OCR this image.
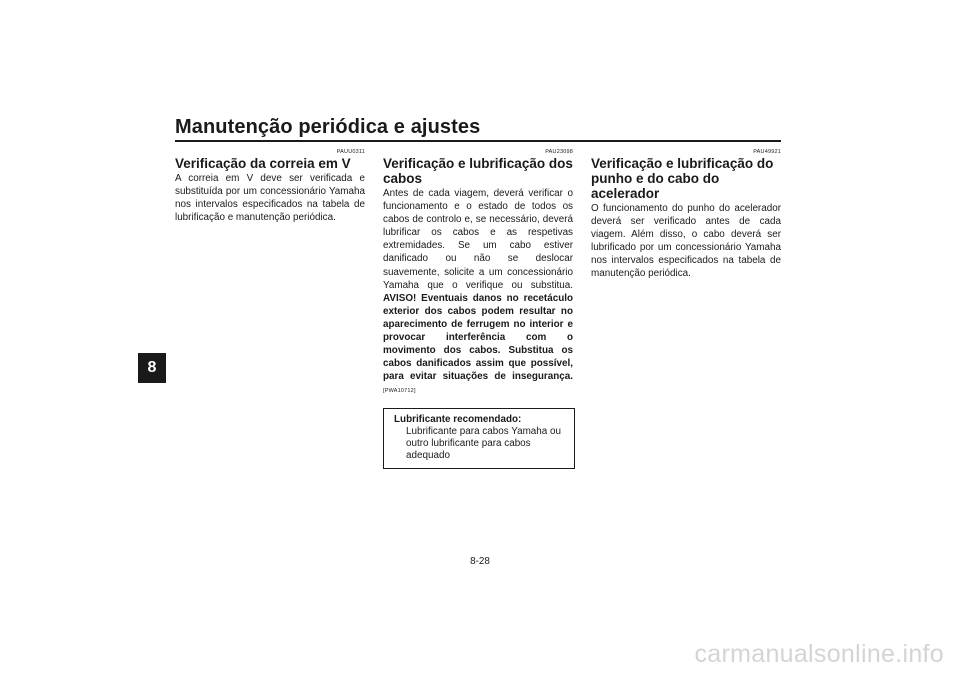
Manutenção periódica e ajustes
8
PAUU0311
Verificação da correia em V

A correia em V deve ser verificada e substituída por um concessionário Yamaha nos intervalos especificados na tabela de lubrificação e manutenção periódica.

PAU23098
Verificação e lubrificação dos cabos

Antes de cada viagem, deverá verificar o funcionamento e o estado de todos os cabos de controlo e, se necessário, deverá lubrificar os cabos e as respetivas extremidades. Se um cabo estiver danificado ou não se deslocar suavemente, solicite a um concessionário Yamaha que o verifique ou substitua. AVISO! Eventuais danos no recetáculo exterior dos cabos podem resultar no aparecimento de ferrugem no interior e provocar interferência com o movimento dos cabos. Substitua os cabos danificados assim que possível, para evitar situações de insegurança. [PWA10712]

Lubrificante recomendado:
Lubrificante para cabos Yamaha ou outro lubrificante para cabos adequado
PAU49921
Verificação e lubrificação do punho e do cabo do acelerador

O funcionamento do punho do acelerador deverá ser verificado antes de cada viagem. Além disso, o cabo deverá ser lubrificado por um concessionário Yamaha nos intervalos especificados na tabela de manutenção periódica.

8-28
carmanualsonline.info
